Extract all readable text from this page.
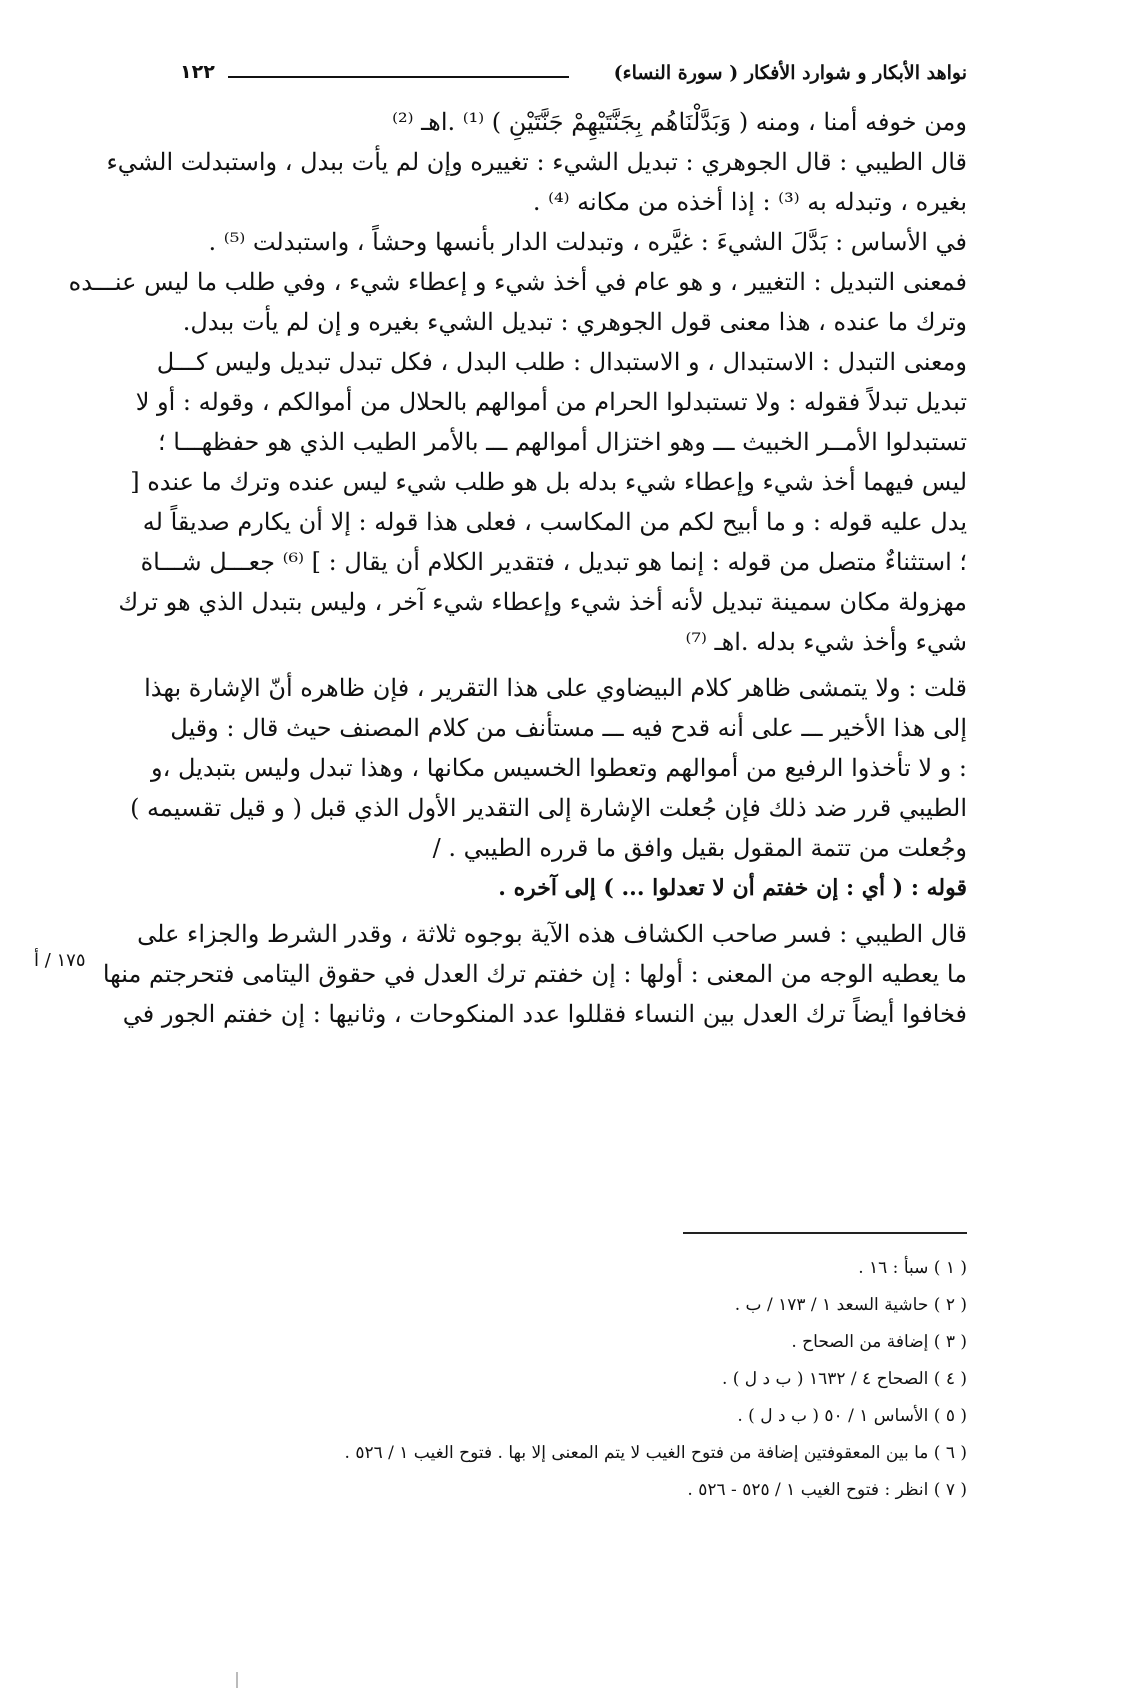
نواهد الأبكار و شوارد الأفكار ( سورة النساء)
١٢٢
ومن خوفه أمنا ، ومنه ( وَبَدَّلْنَاهُم بِجَنَّتَيْهِمْ جَنَّتَيْنِ ) ⁽¹⁾ .اهـ ⁽²⁾
قال الطيبي : قال الجوهري : تبديل الشيء : تغييره وإن لم يأت ببدل ، واستبدلت الشيء
بغيره ، وتبدله به ⁽³⁾ : إذا أخذه من مكانه ⁽⁴⁾ .
في الأساس : بَدَّلَ الشيءَ : غيَّره ، وتبدلت الدار بأنسها وحشاً ، واستبدلت ⁽⁵⁾ .
فمعنى التبديل : التغيير ، و هو عام في أخذ شيء و إعطاء شيء ، وفي طلب ما ليس عنـــده
وترك ما عنده ، هذا معنى قول الجوهري : تبديل الشيء بغيره و إن لم يأت ببدل.
ومعنى التبدل : الاستبدال ، و الاستبدال : طلب البدل ، فكل تبدل تبديل وليس كـــل
تبديل تبدلاً فقوله : ولا تستبدلوا الحرام من أموالهم بالحلال من أموالكم ، وقوله : أو لا
تستبدلوا الأمــر الخبيث ـــ وهو اختزال أموالهم ـــ بالأمر الطيب الذي هو حفظهـــا ؛
ليس فيهما أخذ شيء وإعطاء شيء بدله بل هو طلب شيء ليس عنده وترك ما عنده [
يدل عليه قوله : و ما أبيح لكم من المكاسب ، فعلى هذا قوله : إلا أن يكارم صديقاً له
؛ استثناءٌ متصل من قوله : إنما هو تبديل ، فتقدير الكلام أن يقال : ] ⁽⁶⁾ جعـــل شـــاة
مهزولة مكان سمينة تبديل لأنه أخذ شيء وإعطاء شيء آخر ، وليس بتبدل الذي هو ترك
شيء وأخذ شيء بدله .اهـ ⁽⁷⁾
قلت : ولا يتمشى ظاهر كلام البيضاوي على هذا التقرير ، فإن ظاهره أنّ الإشارة بهذا
إلى هذا الأخير ـــ على أنه قدح فيه ـــ مستأنف من كلام المصنف حيث قال : وقيل
: و لا تأخذوا الرفيع من أموالهم وتعطوا الخسيس مكانها ، وهذا تبدل وليس بتبديل ،و
الطيبي قرر ضد ذلك فإن جُعلت الإشارة إلى التقدير الأول الذي قبل ( و قيل تقسيمه )
وجُعلت من تتمة المقول بقيل وافق ما قرره الطيبي . /
قوله : ( أي : إن خفتم أن لا تعدلوا ... ) إلى آخره .
قال الطيبي : فسر صاحب الكشاف هذه الآية بوجوه ثلاثة ، وقدر الشرط والجزاء على
ما يعطيه الوجه من المعنى : أولها : إن خفتم ترك العدل في حقوق اليتامى فتحرجتم منها
فخافوا أيضاً ترك العدل بين النساء فقللوا عدد المنكوحات ، وثانيها : إن خفتم الجور في
١٧٥ / أ
( ١ ) سبأ : ١٦ .
( ٢ ) حاشية السعد ١ / ١٧٣ / ب .
( ٣ ) إضافة من الصحاح .
( ٤ ) الصحاح ٤ / ١٦٣٢ ( ب د ل ) .
( ٥ ) الأساس ١ / ٥٠ ( ب د ل ) .
( ٦ ) ما بين المعقوفتين إضافة من فتوح الغيب لا يتم المعنى إلا بها . فتوح الغيب ١ / ٥٢٦ .
( ٧ ) انظر : فتوح الغيب ١ / ٥٢٥ - ٥٢٦ .
